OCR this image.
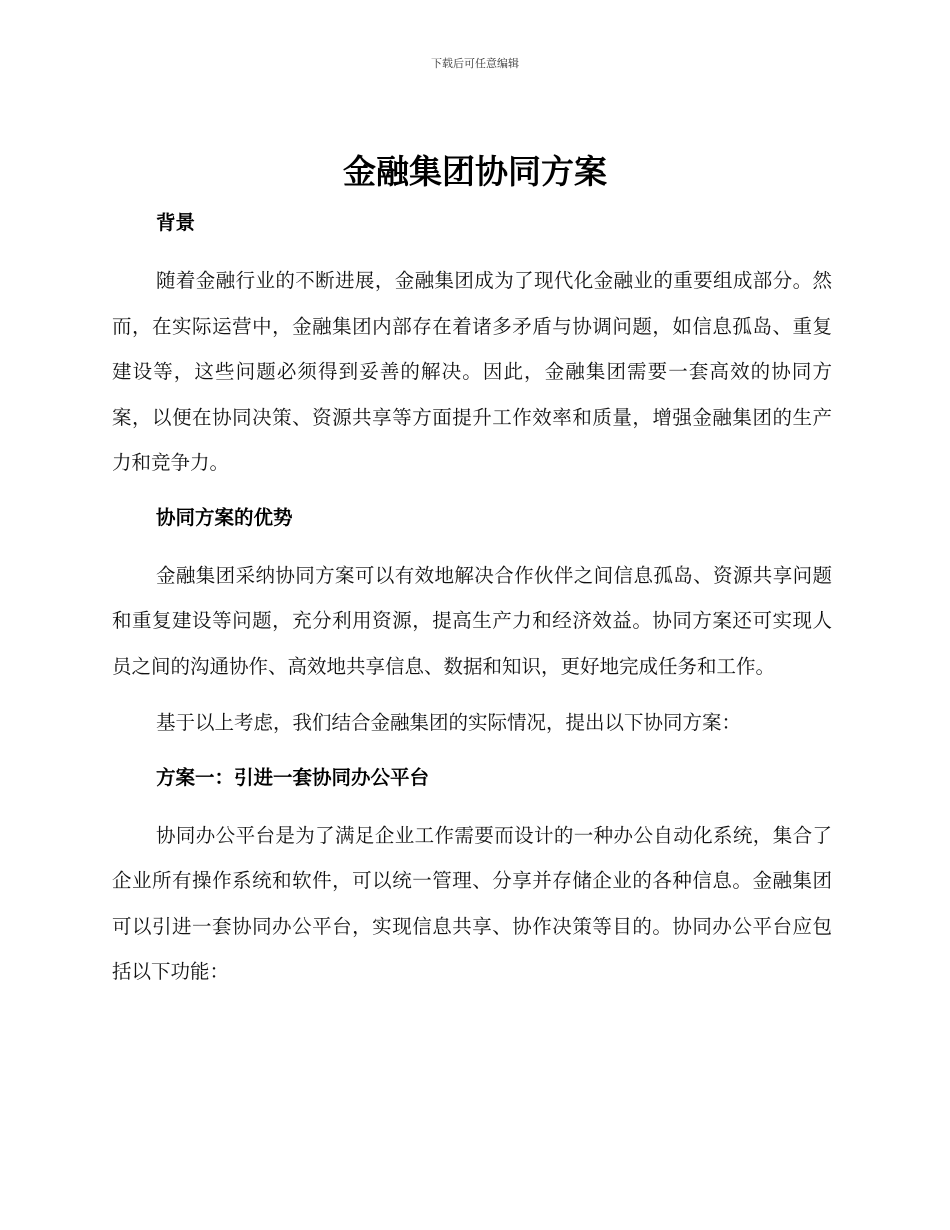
下载后可任意编辑
金融集团协同方案

背景

随着金融行业的不断进展，金融集团成为了现代化金融业的重要组成部分。然而，在实际运营中，金融集团内部存在着诸多矛盾与协调问题，如信息孤岛、重复建设等，这些问题必须得到妥善的解决。因此，金融集团需要一套高效的协同方案，以便在协同决策、资源共享等方面提升工作效率和质量，增强金融集团的生产力和竞争力。

协同方案的优势

金融集团采纳协同方案可以有效地解决合作伙伴之间信息孤岛、资源共享问题和重复建设等问题，充分利用资源，提高生产力和经济效益。协同方案还可实现人员之间的沟通协作、高效地共享信息、数据和知识，更好地完成任务和工作。

基于以上考虑，我们结合金融集团的实际情况，提出以下协同方案：

方案一：引进一套协同办公平台

协同办公平台是为了满足企业工作需要而设计的一种办公自动化系统，集合了企业所有操作系统和软件，可以统一管理、分享并存储企业的各种信息。金融集团可以引进一套协同办公平台，实现信息共享、协作决策等目的。协同办公平台应包括以下功能：
